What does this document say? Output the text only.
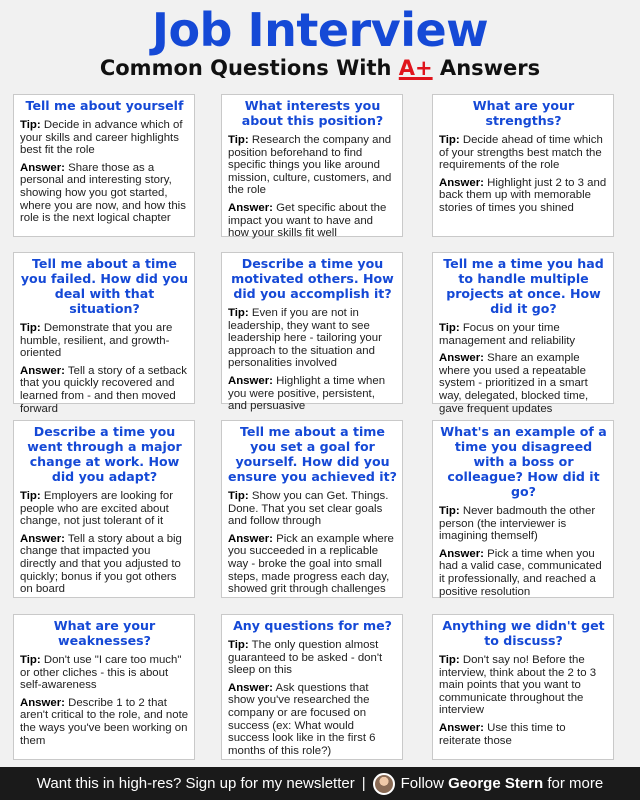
Job Interview
Common Questions With A+ Answers
Tell me about yourself

Tip: Decide in advance which of your skills and career highlights best fit the role

Answer: Share those as a personal and interesting story, showing how you got started, where you are now, and how this role is the next logical chapter

What interests you about this position?

Tip: Research the company and position beforehand to find specific things you like around mission, culture, customers, and the role

Answer: Get specific about the impact you want to have and how your skills fit well

What are your strengths?

Tip: Decide ahead of time which of your strengths best match the requirements of the role

Answer: Highlight just 2 to 3 and back them up with memorable stories of times you shined

Tell me about a time you failed. How did you deal with that situation?

Tip: Demonstrate that you are humble, resilient, and growth-oriented

Answer: Tell a story of a setback that you quickly recovered and learned from - and then moved forward

Describe a time you motivated others. How did you accomplish it?

Tip: Even if you are not in leadership, they want to see leadership here - tailoring your approach to the situation and personalities involved

Answer: Highlight a time when you were positive, persistent, and persuasive

Tell me a time you had to handle multiple projects at once. How did it go?

Tip: Focus on your time management and reliability

Answer: Share an example where you used a repeatable system - prioritized in a smart way, delegated, blocked time, gave frequent updates

Describe a time you went through a major change at work. How did you adapt?

Tip: Employers are looking for people who are excited about change, not just tolerant of it

Answer: Tell a story about a big change that impacted you directly and that you adjusted to quickly; bonus if you got others on board

Tell me about a time you set a goal for yourself. How did you ensure you achieved it?

Tip: Show you can Get. Things. Done. That you set clear goals and follow through

Answer: Pick an example where you succeeded in a replicable way - broke the goal into small steps, made progress each day, showed grit through challenges

What's an example of a time you disagreed with a boss or colleague? How did it go?

Tip: Never badmouth the other person (the interviewer is imagining themself)

Answer: Pick a time when you had a valid case, communicated it professionally, and reached a positive resolution

What are your weaknesses?

Tip: Don't use "I care too much" or other cliches - this is about self-awareness

Answer: Describe 1 to 2 that aren't critical to the role, and note the ways you've been working on them

Any questions for me?

Tip: The only question almost guaranteed to be asked - don't sleep on this

Answer: Ask questions that show you've researched the company or are focused on success (ex: What would success look like in the first 6 months of this role?)

Anything we didn't get to discuss?

Tip: Don't say no! Before the interview, think about the 2 to 3 main points that you want to communicate throughout the interview

Answer: Use this time to reiterate those

Want this in high-res? Sign up for my newsletter | Follow George Stern for more
